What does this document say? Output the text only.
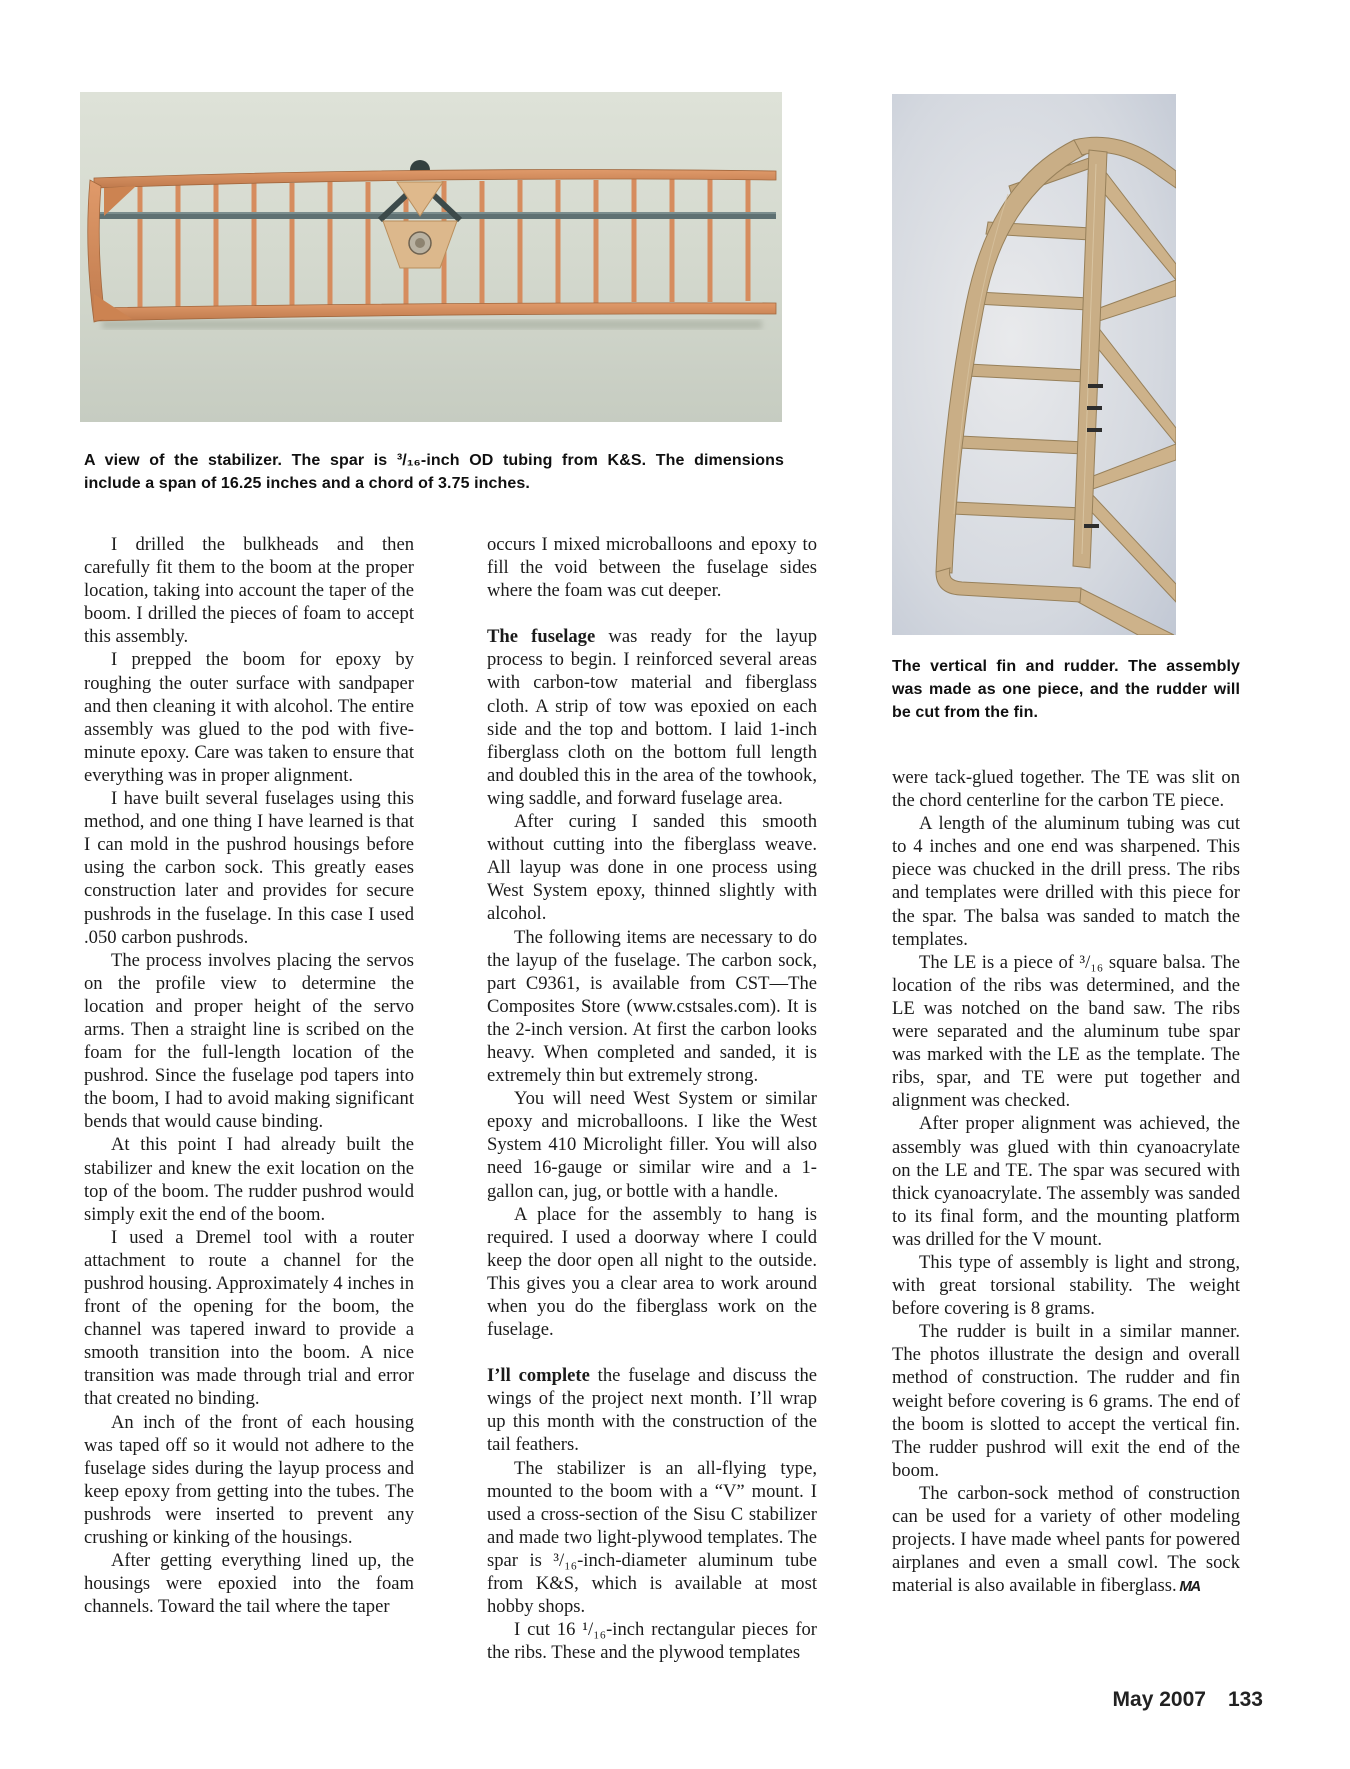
A view of the stabilizer. The spar is ³/₁₆-inch OD tubing from K&S. The dimensions
include a span of 16.25 inches and a chord of 3.75 inches.
The vertical fin and rudder. The assembly
was made as one piece, and the rudder will
be cut from the fin.

I drilled the bulkheads and then carefully fit them to the boom at the proper location, taking into account the taper of the boom. I drilled the pieces of foam to accept this assembly.

I prepped the boom for epoxy by roughing the outer surface with sandpaper and then cleaning it with alcohol. The entire assembly was glued to the pod with five-minute epoxy. Care was taken to ensure that everything was in proper alignment.

I have built several fuselages using this method, and one thing I have learned is that I can mold in the pushrod housings before using the carbon sock. This greatly eases construction later and provides for secure pushrods in the fuselage. In this case I used .050 carbon pushrods.

The process involves placing the servos on the profile view to determine the location and proper height of the servo arms. Then a straight line is scribed on the foam for the full-length location of the pushrod. Since the fuselage pod tapers into the boom, I had to avoid making significant bends that would cause binding.

At this point I had already built the stabilizer and knew the exit location on the top of the boom. The rudder pushrod would simply exit the end of the boom.

I used a Dremel tool with a router attachment to route a channel for the pushrod housing. Approximately 4 inches in front of the opening for the boom, the channel was tapered inward to provide a smooth transition into the boom. A nice transition was made through trial and error that created no binding.

An inch of the front of each housing was taped off so it would not adhere to the fuselage sides during the layup process and keep epoxy from getting into the tubes. The pushrods were inserted to prevent any crushing or kinking of the housings.

After getting everything lined up, the housings were epoxied into the foam channels. Toward the tail where the taper

occurs I mixed microballoons and epoxy to fill the void between the fuselage sides where the foam was cut deeper.

The fuselage was ready for the layup process to begin. I reinforced several areas with carbon-tow material and fiberglass cloth. A strip of tow was epoxied on each side and the top and bottom. I laid 1-inch fiberglass cloth on the bottom full length and doubled this in the area of the towhook, wing saddle, and forward fuselage area.

After curing I sanded this smooth without cutting into the fiberglass weave. All layup was done in one process using West System epoxy, thinned slightly with alcohol.

The following items are necessary to do the layup of the fuselage. The carbon sock, part C9361, is available from CST—The Composites Store (www.cstsales.com). It is the 2-inch version. At first the carbon looks heavy. When completed and sanded, it is extremely thin but extremely strong.

You will need West System or similar epoxy and microballoons. I like the West System 410 Microlight filler. You will also need 16-gauge or similar wire and a 1-gallon can, jug, or bottle with a handle.

A place for the assembly to hang is required. I used a doorway where I could keep the door open all night to the outside. This gives you a clear area to work around when you do the fiberglass work on the fuselage.

I’ll complete the fuselage and discuss the wings of the project next month. I’ll wrap up this month with the construction of the tail feathers.

The stabilizer is an all-flying type, mounted to the boom with a “V” mount. I used a cross-section of the Sisu C stabilizer and made two light-plywood templates. The spar is ³/₁₆-inch-diameter aluminum tube from K&S, which is available at most hobby shops.

I cut 16 ¹/₁₆-inch rectangular pieces for the ribs. These and the plywood templates

were tack-glued together. The TE was slit on the chord centerline for the carbon TE piece.

A length of the aluminum tubing was cut to 4 inches and one end was sharpened. This piece was chucked in the drill press. The ribs and templates were drilled with this piece for the spar. The balsa was sanded to match the templates.

The LE is a piece of ³/₁₆ square balsa. The location of the ribs was determined, and the LE was notched on the band saw. The ribs were separated and the aluminum tube spar was marked with the LE as the template. The ribs, spar, and TE were put together and alignment was checked.

After proper alignment was achieved, the assembly was glued with thin cyanoacrylate on the LE and TE. The spar was secured with thick cyanoacrylate. The assembly was sanded to its final form, and the mounting platform was drilled for the V mount.

This type of assembly is light and strong, with great torsional stability. The weight before covering is 8 grams.

The rudder is built in a similar manner. The photos illustrate the design and overall method of construction. The rudder and fin weight before covering is 6 grams. The end of the boom is slotted to accept the vertical fin. The rudder pushrod will exit the end of the boom.

The carbon-sock method of construction can be used for a variety of other modeling projects. I have made wheel pants for powered airplanes and even a small cowl. The sock material is also available in fiberglass. MA

May 2007 133
